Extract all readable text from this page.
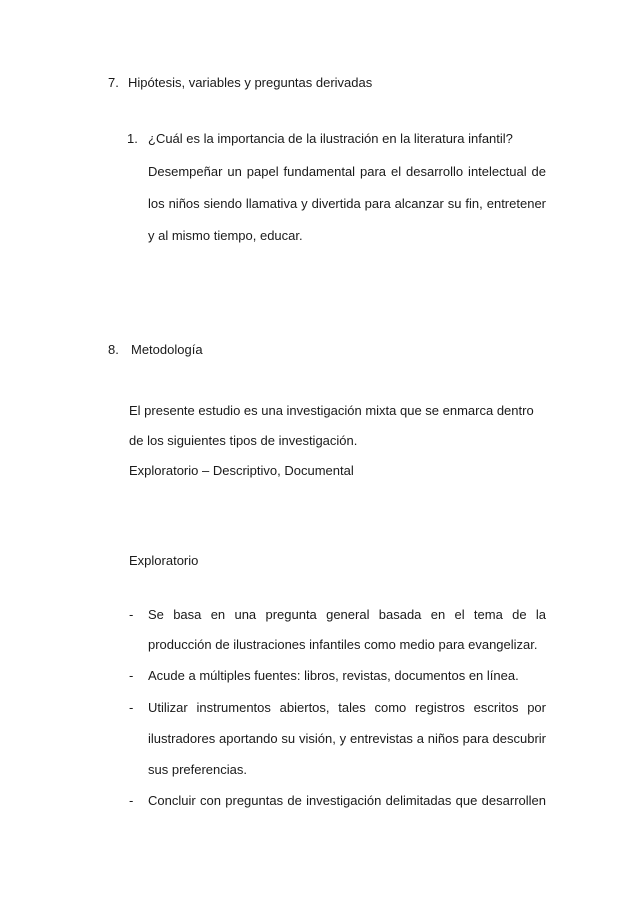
7. Hipótesis, variables y preguntas derivadas
1. ¿Cuál es la importancia de la ilustración en la literatura infantil?
Desempeñar un papel fundamental para el desarrollo intelectual de
los niños siendo llamativa y divertida para alcanzar su fin, entretener
y al mismo tiempo, educar.
8. Metodología
El presente estudio es una investigación mixta que se enmarca dentro
de los siguientes tipos de investigación.
Exploratorio – Descriptivo, Documental
Exploratorio
- Se basa en una pregunta general basada en el tema de la
producción de ilustraciones infantiles como medio para evangelizar.
- Acude a múltiples fuentes: libros, revistas, documentos en línea.
- Utilizar instrumentos abiertos, tales como registros escritos por
ilustradores aportando su visión, y entrevistas a niños para descubrir
sus preferencias.
- Concluir con preguntas de investigación delimitadas que desarrollen
